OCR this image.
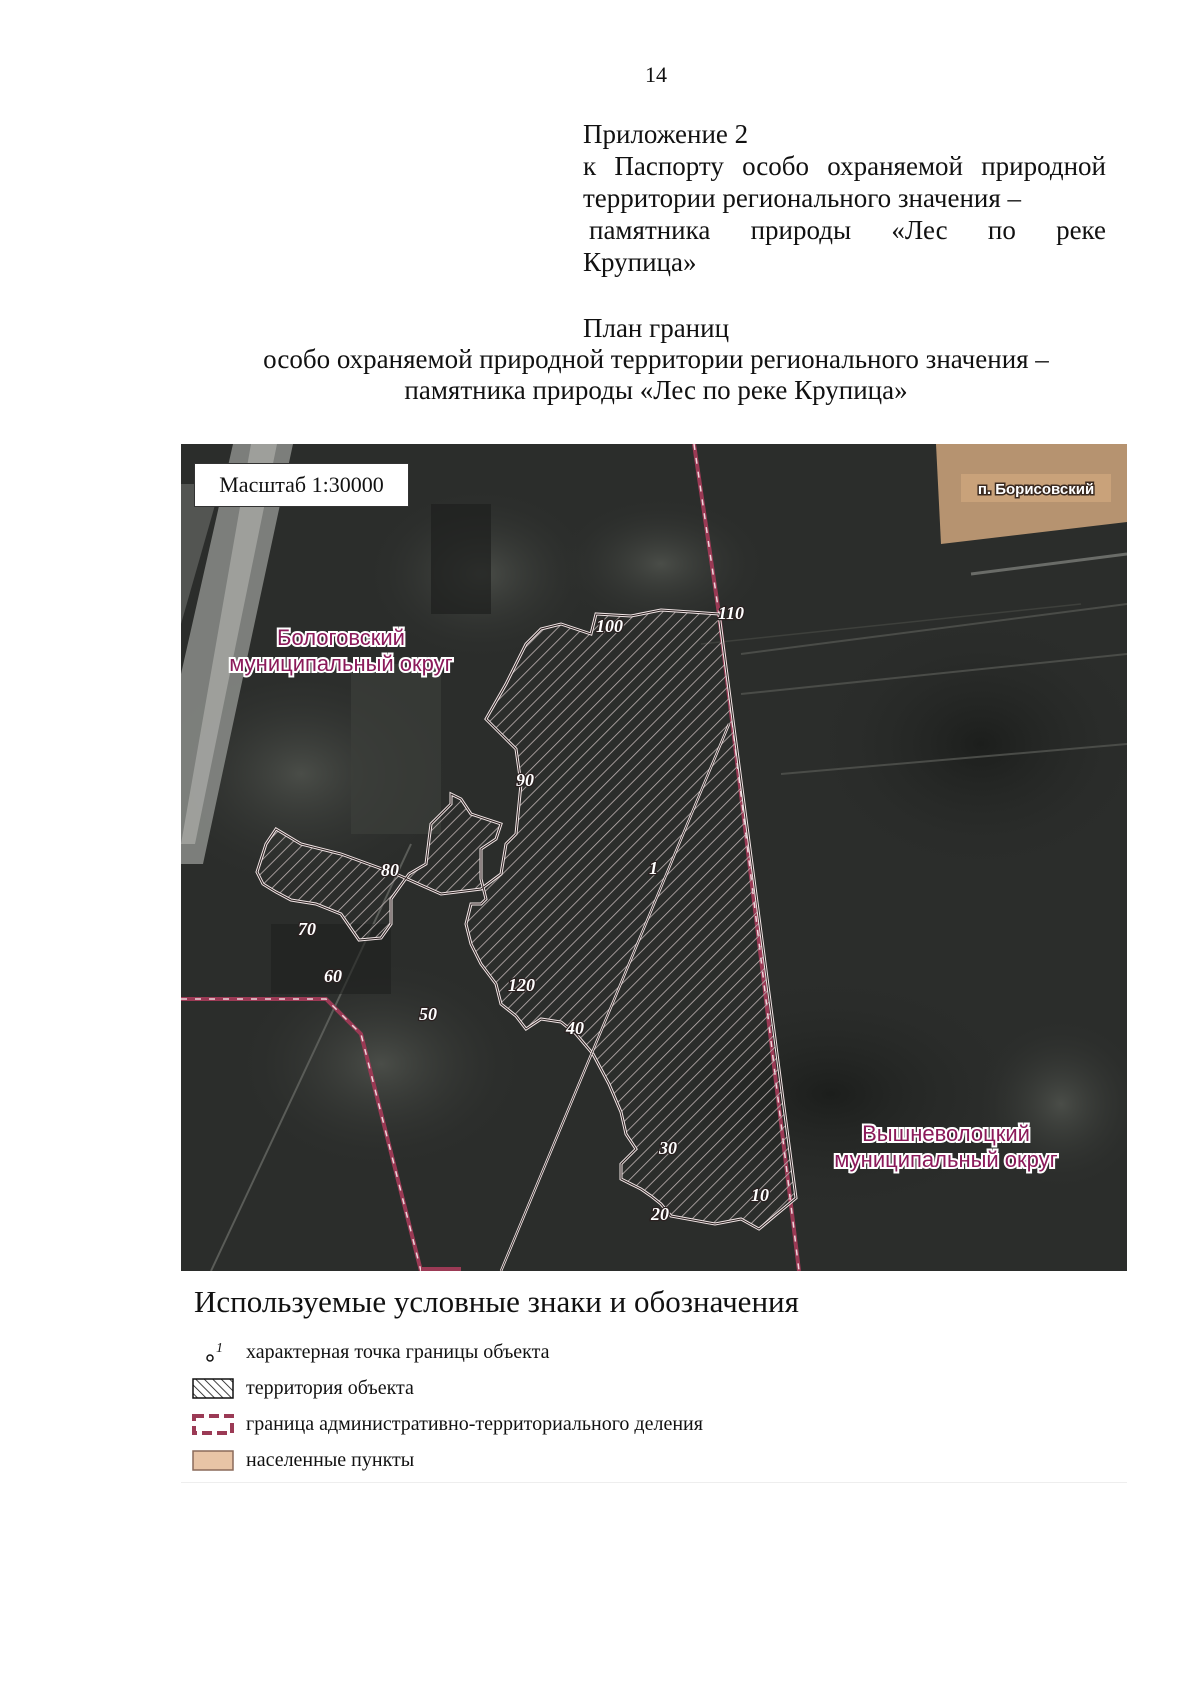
14
Приложение 2
к Паспорту особо охраняемой природной
территории регионального значения –
памятника природы «Лес по реке
Крупица»
План границ
особо охраняемой природной территории регионального значения –
памятника природы «Лес по реке Крупица»
п. Борисовский
1
10
20
30
40
50
60
70
80
90
100
110
120
Бологовский
муниципальный округ
Вышневолоцкий
муниципальный округ
Масштаб 1:30000
Используемые условные знаки и обозначения
1 характерная точка границы объекта
территория объекта
граница административно-территориального деления
населенные пункты
